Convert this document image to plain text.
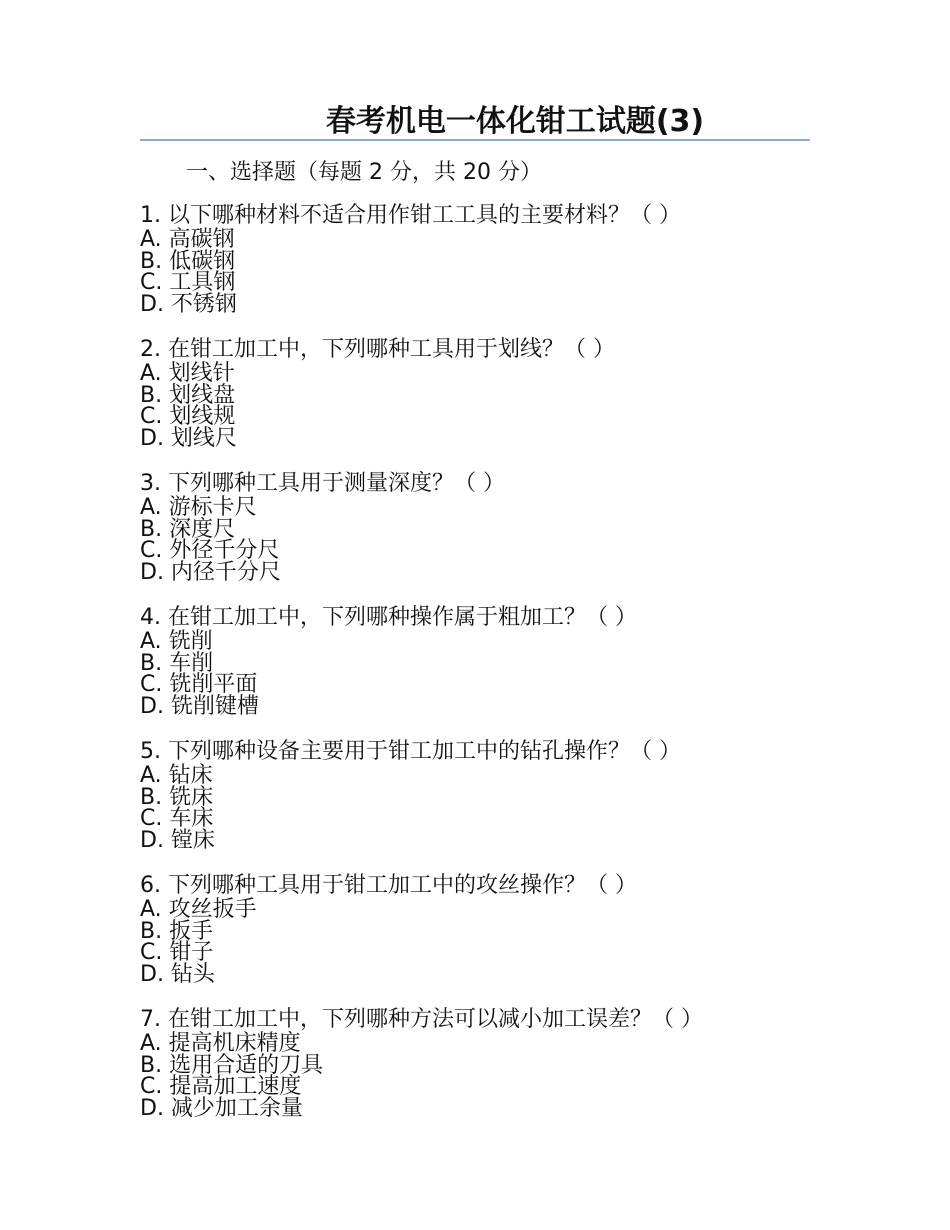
春考机电一体化钳工试题(3)
一、选择题（每题 2 分，共 20 分）
1. 以下哪种材料不适合用作钳工工具的主要材料？（ ）
A. 高碳钢
B. 低碳钢
C. 工具钢
D. 不锈钢
2. 在钳工加工中，下列哪种工具用于划线？（ ）
A. 划线针
B. 划线盘
C. 划线规
D. 划线尺
3. 下列哪种工具用于测量深度？（ ）
A. 游标卡尺
B. 深度尺
C. 外径千分尺
D. 内径千分尺
4. 在钳工加工中，下列哪种操作属于粗加工？（ ）
A. 铣削
B. 车削
C. 铣削平面
D. 铣削键槽
5. 下列哪种设备主要用于钳工加工中的钻孔操作？（ ）
A. 钻床
B. 铣床
C. 车床
D. 镗床
6. 下列哪种工具用于钳工加工中的攻丝操作？（ ）
A. 攻丝扳手
B. 扳手
C. 钳子
D. 钻头
7. 在钳工加工中，下列哪种方法可以减小加工误差？（ ）
A. 提高机床精度
B. 选用合适的刀具
C. 提高加工速度
D. 减少加工余量
